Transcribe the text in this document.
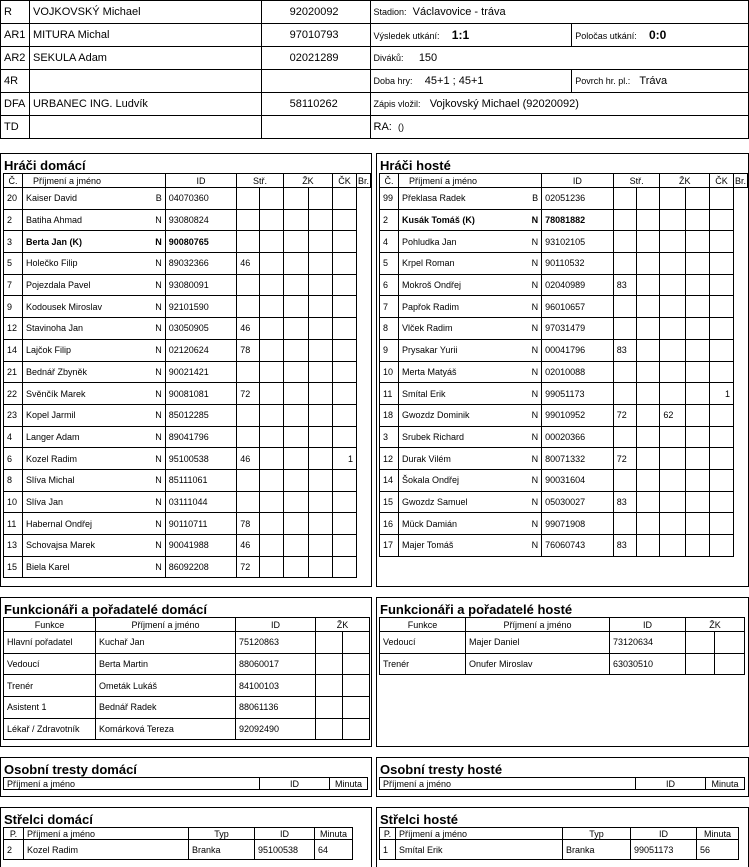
R	VOJKOVSKÝ Michael	92020092	Stadion: Václavovice - tráva	
AR1	MITURA Michal	97010793	Výsledek utkání: 1:1	Poločas utkání: 0:0
AR2	SEKULA Adam	02021289	Diváků: 150	
4R			Doba hry: 45+1 ; 45+1	Povrch hr. pl.: Tráva
DFA	URBANEC ING. Ludvík	58110262	Zápis vložil: Vojkovský Michael (92020092)	
TD			RA: ()	
Hráči domácí
Č.	Příjmení a jméno	ID	Stř.		ŽK		ČK	Br.
20	Kaiser David B	04070360						
2	Batiha Ahmad N	93080824						
3	Berta Jan (K) N	90080765						
5	Holečko Filip N	89032366	46					
7	Pojezdala Pavel N	93080091						
9	Kodousek Miroslav N	92101590						
12	Stavinoha Jan N	03050905	46					
14	Lajčok Filip N	02120624	78					
21	Bednář Zbyněk N	90021421						
22	Svěnčík Marek N	90081081	72					
23	Kopel Jarmil N	85012285						
4	Langer Adam N	89041796						
6	Kozel Radim N	95100538	46				1	
8	Slíva Michal N	85111061						
10	Slíva Jan N	03111044						
11	Habernal Ondřej N	90110711	78					
13	Schovajsa Marek N	90041988	46					
15	Biela Karel N	86092208	72					
Hráči hosté
Č.	Příjmení a jméno	ID	Stř.		ŽK		ČK	Br.
99	Překlasa Radek B	02051236						
2	Kusák Tomáš (K) N	78081882						
4	Pohludka Jan N	93102105						
5	Krpel Roman N	90110532						
6	Mokroš Ondřej N	02040989	83					
7	Papřok Radim N	96010657						
8	Vlček Radim N	97031479						
9	Prysakar Yurii N	00041796	83					
10	Merta Matyáš N	02010088						
11	Smítal Erik N	99051173					1	
18	Gwozdz Dominik N	99010952	72		62			
3	Srubek Richard N	00020366						
12	Durak Vilém N	80071332	72					
14	Šokala Ondřej N	90031604						
15	Gwozdz Samuel N	05030027	83					
16	Mück Damián N	99071908						
17	Majer Tomáš N	76060743	83					
Funkcionáři a pořadatelé domácí
Funkce	Příjmení a jméno	ID	ŽK	
Hlavní pořadatel	Kuchař Jan	75120863		
Vedoucí	Berta Martin	88060017		
Trenér	Ometák Lukáš	84100103		
Asistent 1	Bednář Radek	88061136		
Lékař / Zdravotník	Komárková Tereza	92092490		
Funkcionáři a pořadatelé hosté
Funkce	Příjmení a jméno	ID	ŽK	
Vedoucí	Majer Daniel	73120634		
Trenér	Onufer Miroslav	63030510		
Osobní tresty domácí
Příjmení a jméno	ID	Minuta
Osobní tresty hosté
Příjmení a jméno	ID	Minuta
Střelci domácí
P.	Příjmení a jméno	Typ	ID	Minuta
2	Kozel Radim	Branka	95100538	64
Střelci hosté
P.	Příjmení a jméno	Typ	ID	Minuta
1	Smítal Erik	Branka	99051173	56
